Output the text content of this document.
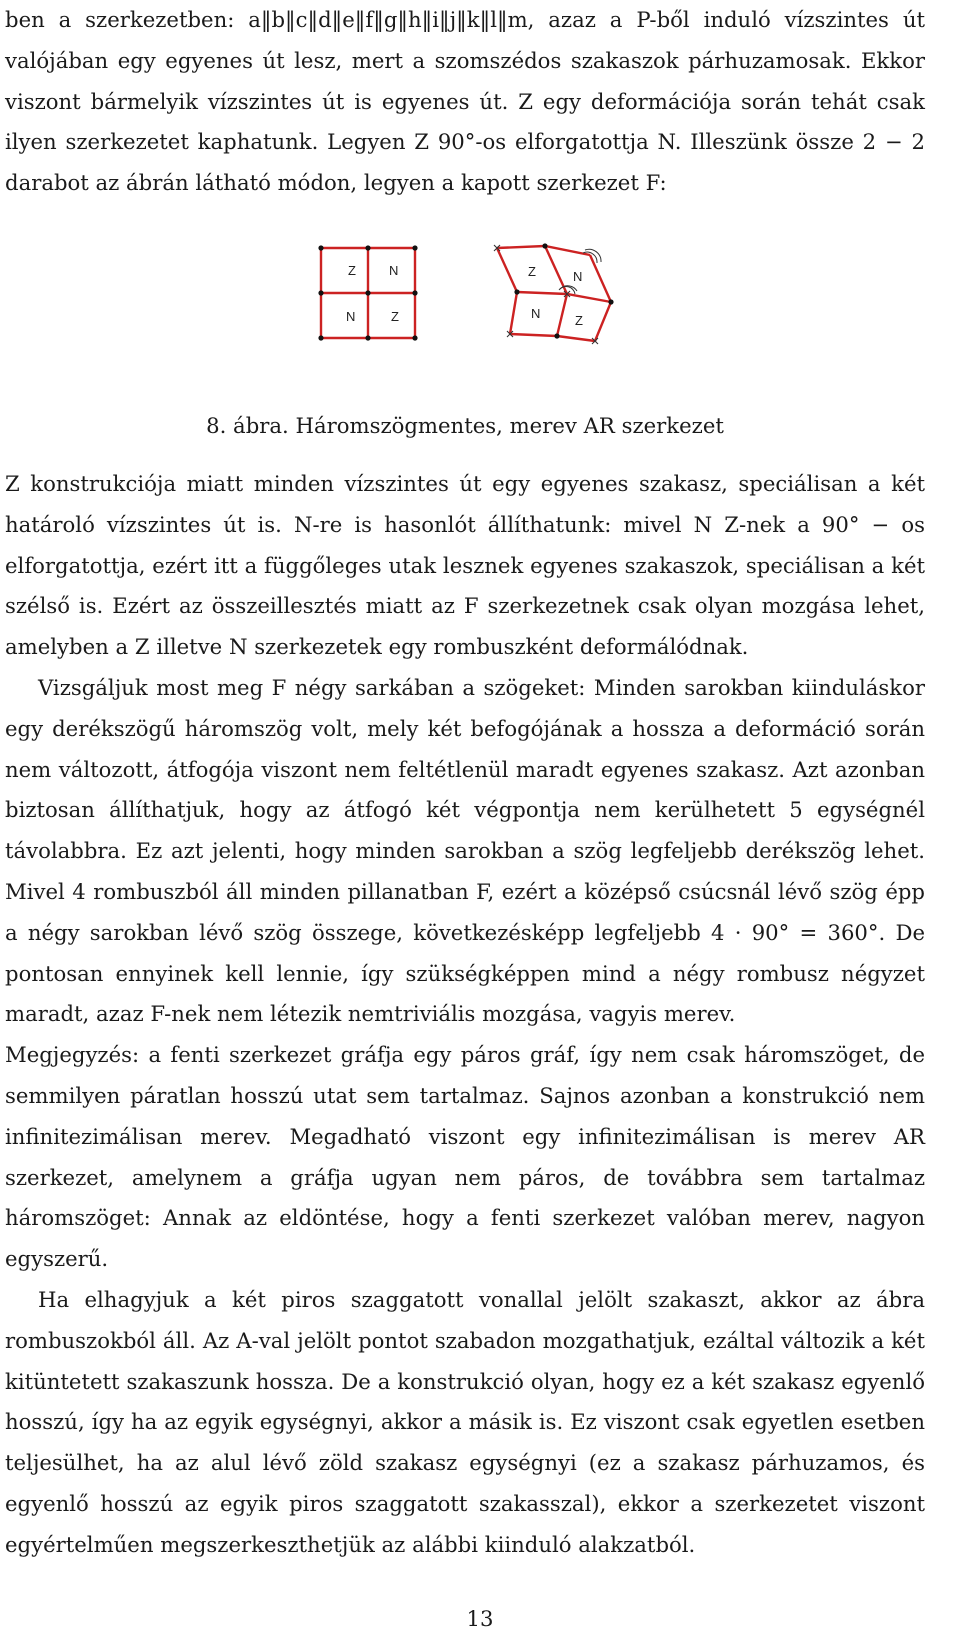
ben a szerkezetben: a‖b‖c‖d‖e‖f‖g‖h‖i‖j‖k‖l‖m, azaz a P-ből induló vízszintes út

valójában egy egyenes út lesz, mert a szomszédos szakaszok párhuzamosak. Ekkor

viszont bármelyik vízszintes út is egyenes út. Z egy deformációja során tehát csak

ilyen szerkezetet kaphatunk. Legyen Z 90°-os elforgatottja N. Illeszünk össze 2 − 2

darabot az ábrán látható módon, legyen a kapott szerkezet F:

Z	N
N	Z
Z	N
N	Z
8. ábra. Háromszögmentes, merev AR szerkezet

Z konstrukciója miatt minden vízszintes út egy egyenes szakasz, speciálisan a két határoló vízszintes út is. N-re is hasonlót állíthatunk: mivel N Z-nek a 90° − os elforgatottja, ezért itt a függőleges utak lesznek egyenes szakaszok, speciálisan a két szélső is. Ezért az összeillesztés miatt az F szerkezetnek csak olyan mozgása lehet, amelyben a Z illetve N szerkezetek egy rombuszként deformálódnak.

Vizsgáljuk most meg F négy sarkában a szögeket: Minden sarokban kiinduláskor egy derékszögű háromszög volt, mely két befogójának a hossza a deformáció során nem változott, átfogója viszont nem feltétlenül maradt egyenes szakasz. Azt azonban biztosan állíthatjuk, hogy az átfogó két végpontja nem kerülhetett 5 egységnél távolabbra. Ez azt jelenti, hogy minden sarokban a szög legfeljebb derékszög lehet. Mivel 4 rombuszból áll minden pillanatban F, ezért a középső csúcsnál lévő szög épp a négy sarokban lévő szög összege, következésképp legfeljebb 4 · 90° = 360°. De pontosan ennyinek kell lennie, így szükségképpen mind a négy rombusz négyzet maradt, azaz F-nek nem létezik nemtriviális mozgása, vagyis merev.

Megjegyzés: a fenti szerkezet gráfja egy páros gráf, így nem csak háromszöget, de semmilyen páratlan hosszú utat sem tartalmaz. Sajnos azonban a konstrukció nem infinitezimálisan merev. Megadható viszont egy infinitezimálisan is merev AR szerkezet, amelynem a gráfja ugyan nem páros, de továbbra sem tartalmaz háromszöget: Annak az eldöntése, hogy a fenti szerkezet valóban merev, nagyon egyszerű.

Ha elhagyjuk a két piros szaggatott vonallal jelölt szakaszt, akkor az ábra rombuszokból áll. Az A-val jelölt pontot szabadon mozgathatjuk, ezáltal változik a két kitüntetett szakaszunk hossza. De a konstrukció olyan, hogy ez a két szakasz egyenlő hosszú, így ha az egyik egységnyi, akkor a másik is. Ez viszont csak egyetlen esetben teljesülhet, ha az alul lévő zöld szakasz egységnyi (ez a szakasz párhuzamos, és egyenlő hosszú az egyik piros szaggatott szakasszal), ekkor a szerkezetet viszont egyértelműen megszerkeszthetjük az alábbi kiinduló alakzatból.

13
